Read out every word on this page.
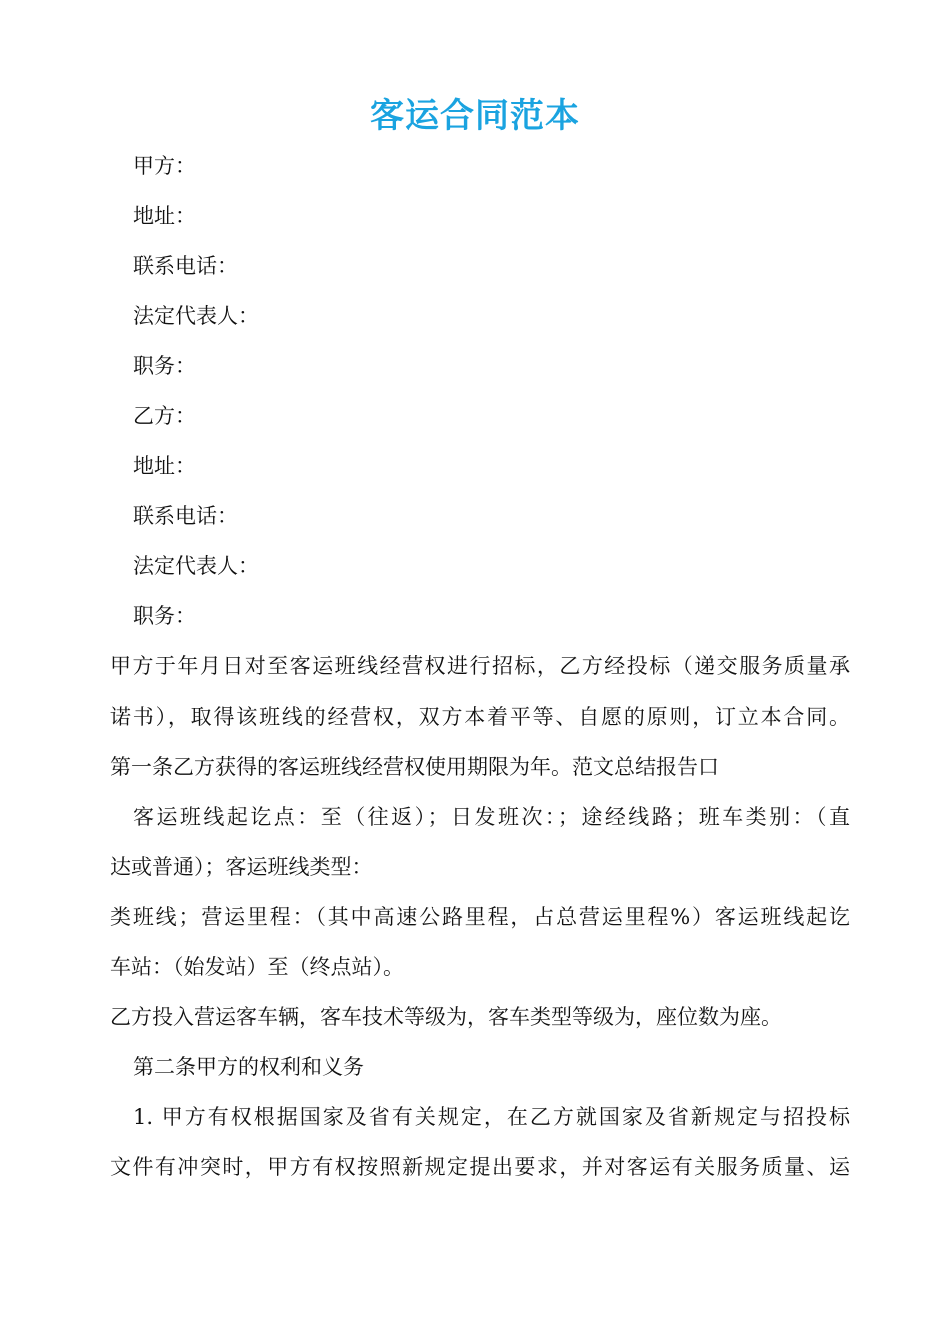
客运合同范本
甲方：
地址：
联系电话：
法定代表人：
职务：
乙方：
地址：
联系电话：
法定代表人：
职务：
甲方于年月日对至客运班线经营权进行招标，乙方经投标（递交服务质量承
诺书），取得该班线的经营权，双方本着平等、自愿的原则，订立本合同。
第一条乙方获得的客运班线经营权使用期限为年。范文总结报告口
客运班线起讫点：至（往返）；日发班次：；途经线路；班车类别：（直
达或普通）；客运班线类型：
类班线；营运里程：（其中高速公路里程，占总营运里程%）客运班线起讫
车站：（始发站）至（终点站）。
乙方投入营运客车辆，客车技术等级为，客车类型等级为，座位数为座。
第二条甲方的权利和义务
1. 甲方有权根据国家及省有关规定，在乙方就国家及省新规定与招投标
文件有冲突时，甲方有权按照新规定提出要求，并对客运有关服务质量、运
